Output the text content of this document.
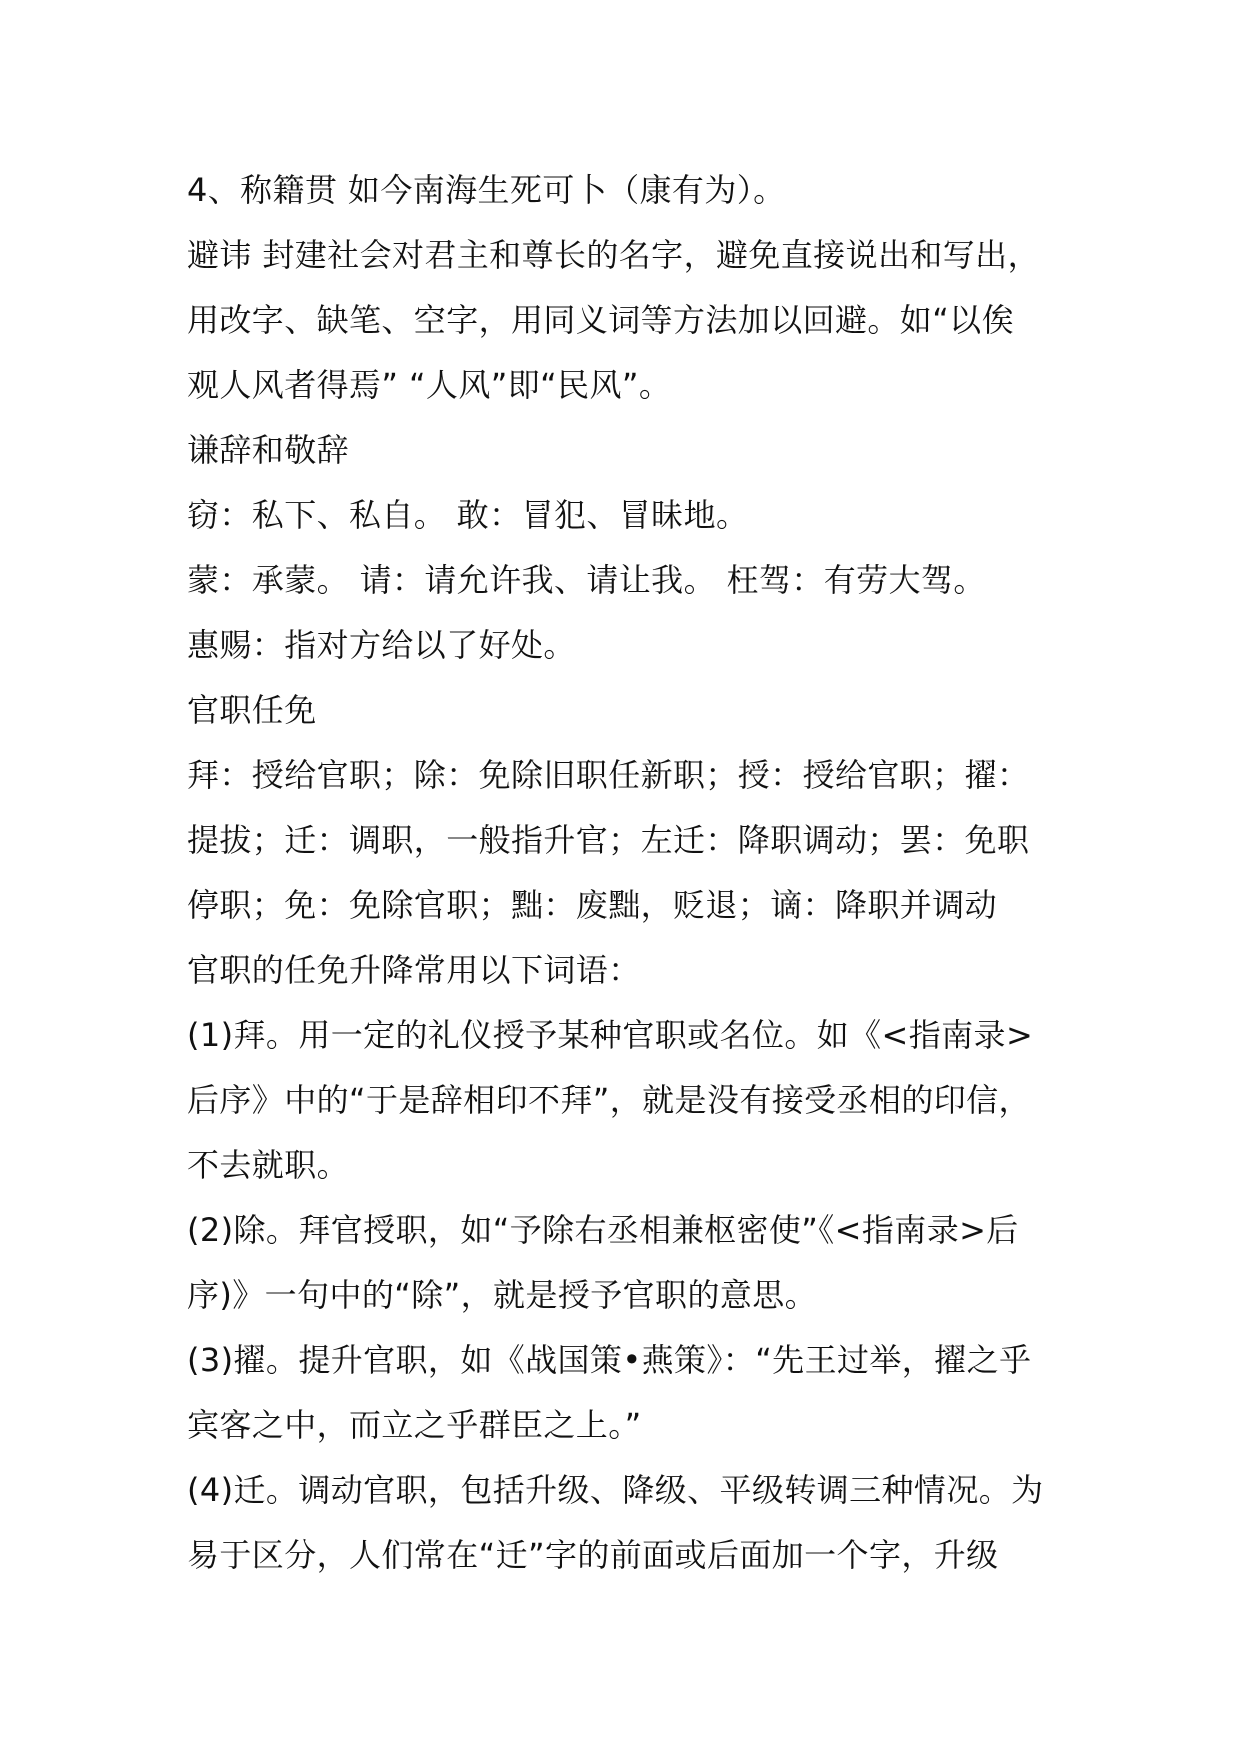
4、称籍贯 如今南海生死可卜（康有为）。
避讳 封建社会对君主和尊长的名字，避免直接说出和写出，
用改字、缺笔、空字，用同义词等方法加以回避。如“以俟
观人风者得焉” “人风”即“民风”。
谦辞和敬辞
窃：私下、私自。 敢：冒犯、冒昧地。
蒙：承蒙。 请：请允许我、请让我。 枉驾：有劳大驾。
惠赐：指对方给以了好处。
官职任免
拜：授给官职；除：免除旧职任新职；授：授给官职；擢：
提拔；迁：调职，一般指升官；左迁：降职调动；罢：免职
停职；免：免除官职；黜：废黜，贬退；谪：降职并调动
官职的任免升降常用以下词语：
(1)拜。用一定的礼仪授予某种官职或名位。如《<指南录>
后序》中的“于是辞相印不拜”，就是没有接受丞相的印信，
不去就职。
(2)除。拜官授职，如“予除右丞相兼枢密使”《<指南录>后
序)》一句中的“除”，就是授予官职的意思。
(3)擢。提升官职，如《战国策•燕策》：“先王过举，擢之乎
宾客之中，而立之乎群臣之上。”
(4)迁。调动官职，包括升级、降级、平级转调三种情况。为
易于区分，人们常在“迁”字的前面或后面加一个字，升级
